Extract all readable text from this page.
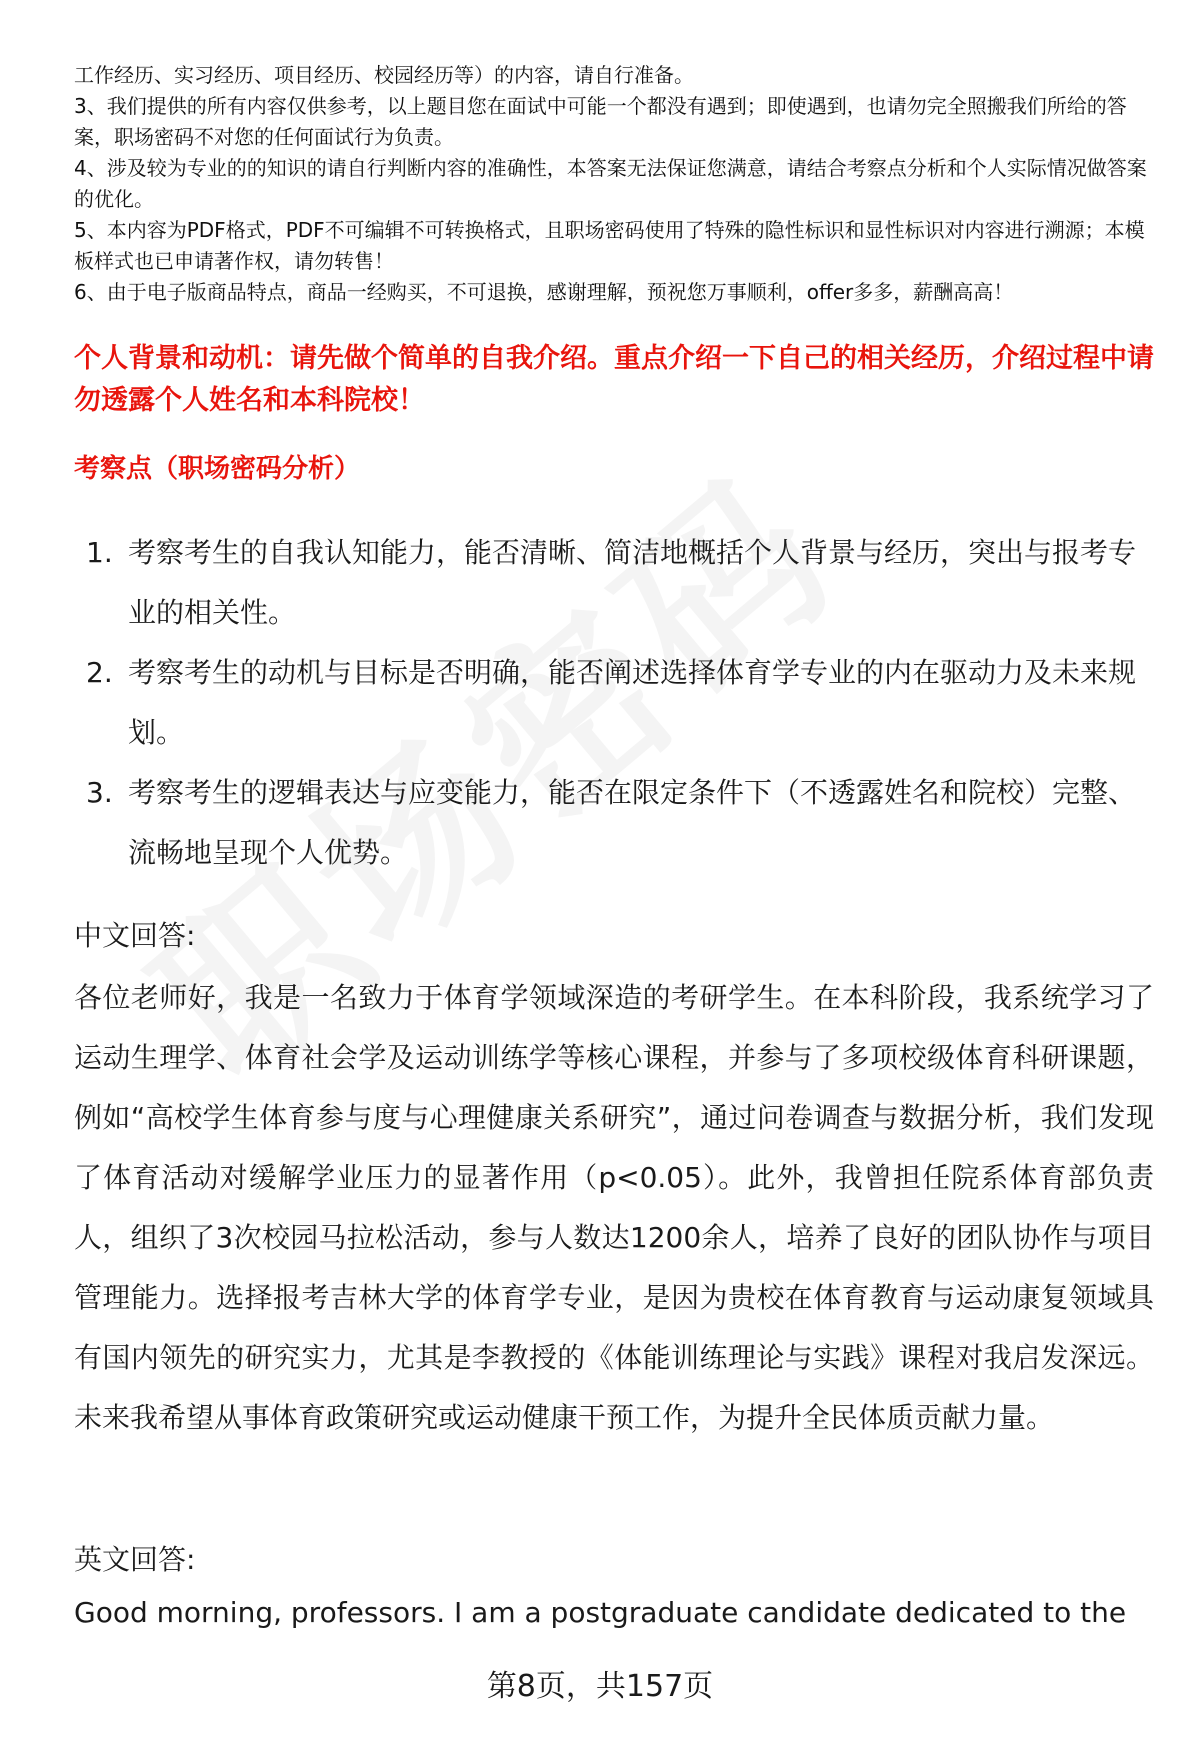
工作经历、实习经历、项目经历、校园经历等）的内容，请自行准备。

3、我们提供的所有内容仅供参考，以上题目您在面试中可能一个都没有遇到；即使遇到，也请勿完全照搬我们所给的答案，职场密码不对您的任何面试行为负责。

4、涉及较为专业的的知识的请自行判断内容的准确性，本答案无法保证您满意，请结合考察点分析和个人实际情况做答案的优化。

5、本内容为PDF格式，PDF不可编辑不可转换格式，且职场密码使用了特殊的隐性标识和显性标识对内容进行溯源；本模板样式也已申请著作权，请勿转售！

6、由于电子版商品特点，商品一经购买，不可退换，感谢理解，预祝您万事顺利，offer多多，薪酬高高！

个人背景和动机：请先做个简单的自我介绍。重点介绍一下自己的相关经历，介绍过程中请勿透露个人姓名和本科院校！
考察点（职场密码分析）
1. 考察考生的自我认知能力，能否清晰、简洁地概括个人背景与经历，突出与报考专业的相关性。
2. 考察考生的动机与目标是否明确，能否阐述选择体育学专业的内在驱动力及未来规划。
3. 考察考生的逻辑表达与应变能力，能否在限定条件下（不透露姓名和院校）完整、流畅地呈现个人优势。
中文回答:
各位老师好，我是一名致力于体育学领域深造的考研学生。在本科阶段，我系统学习了运动生理学、体育社会学及运动训练学等核心课程，并参与了多项校级体育科研课题，例如“高校学生体育参与度与心理健康关系研究”，通过问卷调查与数据分析，我们发现了体育活动对缓解学业压力的显著作用（p<0.05）。此外，我曾担任院系体育部负责人，组织了3次校园马拉松活动，参与人数达1200余人，培养了良好的团队协作与项目管理能力。选择报考吉林大学的体育学专业，是因为贵校在体育教育与运动康复领域具有国内领先的研究实力，尤其是李教授的《体能训练理论与实践》课程对我启发深远。未来我希望从事体育政策研究或运动健康干预工作，为提升全民体质贡献力量。
英文回答:
Good morning, professors. I am a postgraduate candidate dedicated to the
第8页，共157页
